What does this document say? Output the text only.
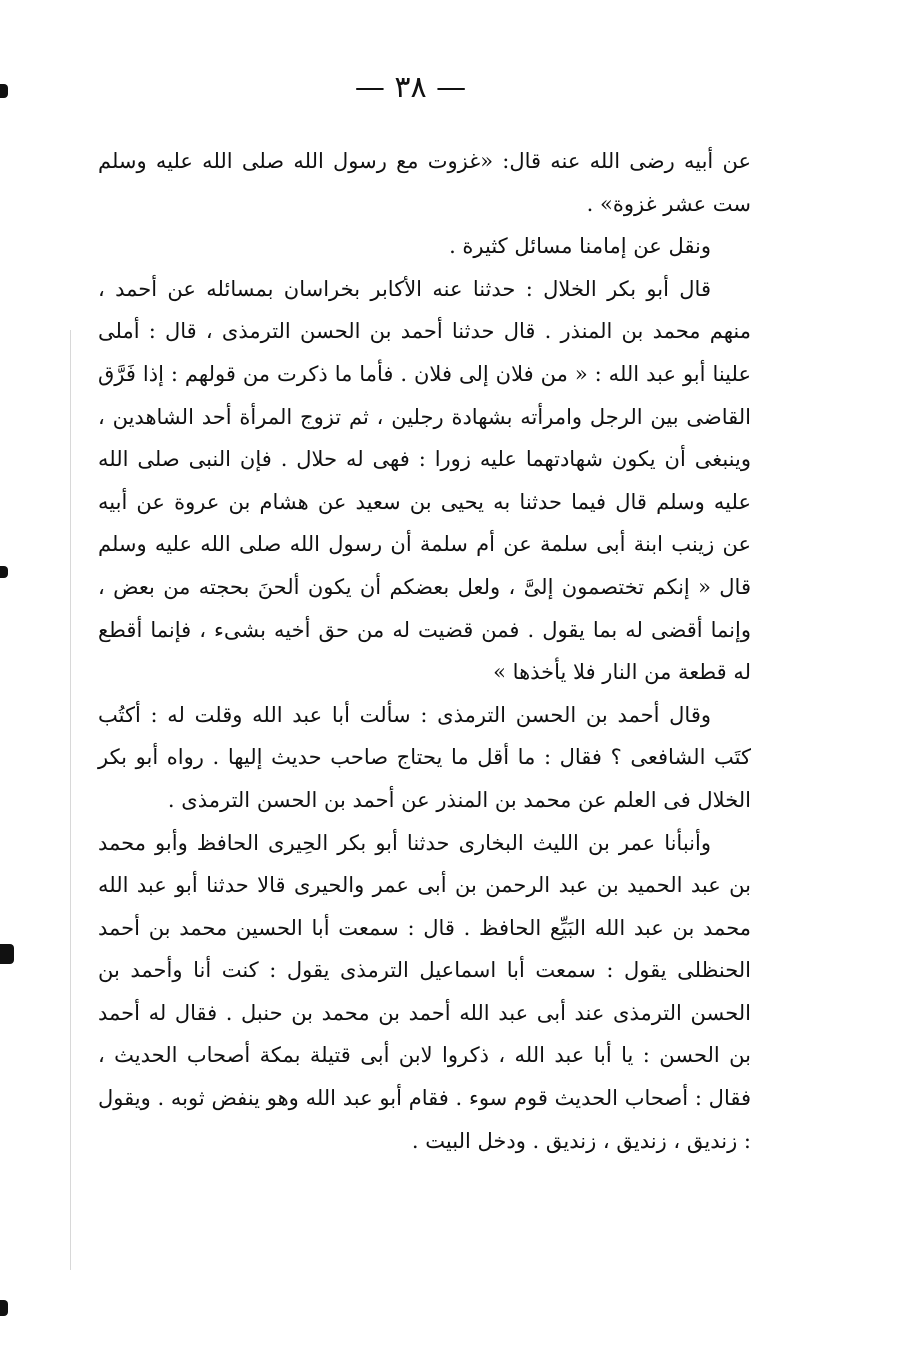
— ٣٨ —

عن أبيه رضى الله عنه قال: «غزوت مع رسول الله صلى الله عليه وسلم ست عشر غزوة» .

ونقل عن إمامنا مسائل كثيرة .

قال أبو بكر الخلال : حدثنا عنه الأكابر بخراسان بمسائله عن أحمد ، منهم محمد بن المنذر . قال حدثنا أحمد بن الحسن الترمذى ، قال : أملى علينا أبو عبد الله : « من فلان إلى فلان . فأما ما ذكرت من قولهم : إذا فَرَّق القاضى بين الرجل وامرأته بشهادة رجلين ، ثم تزوج المرأة أحد الشاهدين ، وينبغى أن يكون شهادتهما عليه زورا : فهى له حلال . فإن النبى صلى الله عليه وسلم قال فيما حدثنا به يحيى بن سعيد عن هشام بن عروة عن أبيه عن زينب ابنة أبى سلمة عن أم سلمة أن رسول الله صلى الله عليه وسلم قال « إنكم تختصمون إلىَّ ، ولعل بعضكم أن يكون ألحنَ بحجته من بعض ، وإنما أقضى له بما يقول . فمن قضيت له من حق أخيه بشىء ، فإنما أقطع له قطعة من النار فلا يأخذها »

وقال أحمد بن الحسن الترمذى : سألت أبا عبد الله وقلت له : أكتُب كتَب الشافعى ؟ فقال : ما أقل ما يحتاج صاحب حديث إليها . رواه أبو بكر الخلال فى العلم عن محمد بن المنذر عن أحمد بن الحسن الترمذى .

وأنبأنا عمر بن الليث البخارى حدثنا أبو بكر الحِيرى الحافظ وأبو محمد بن عبد الحميد بن عبد الرحمن بن أبى عمر والحيرى قالا حدثنا أبو عبد الله محمد بن عبد الله البَيِّع الحافظ . قال : سمعت أبا الحسين محمد بن أحمد الحنظلى يقول : سمعت أبا اسماعيل الترمذى يقول : كنت أنا وأحمد بن الحسن الترمذى عند أبى عبد الله أحمد بن محمد بن حنبل . فقال له أحمد بن الحسن : يا أبا عبد الله ، ذكروا لابن أبى قتيلة بمكة أصحاب الحديث ، فقال : أصحاب الحديث قوم سوء . فقام أبو عبد الله وهو ينفض ثوبه . ويقول : زنديق ، زنديق ، زنديق . ودخل البيت .
